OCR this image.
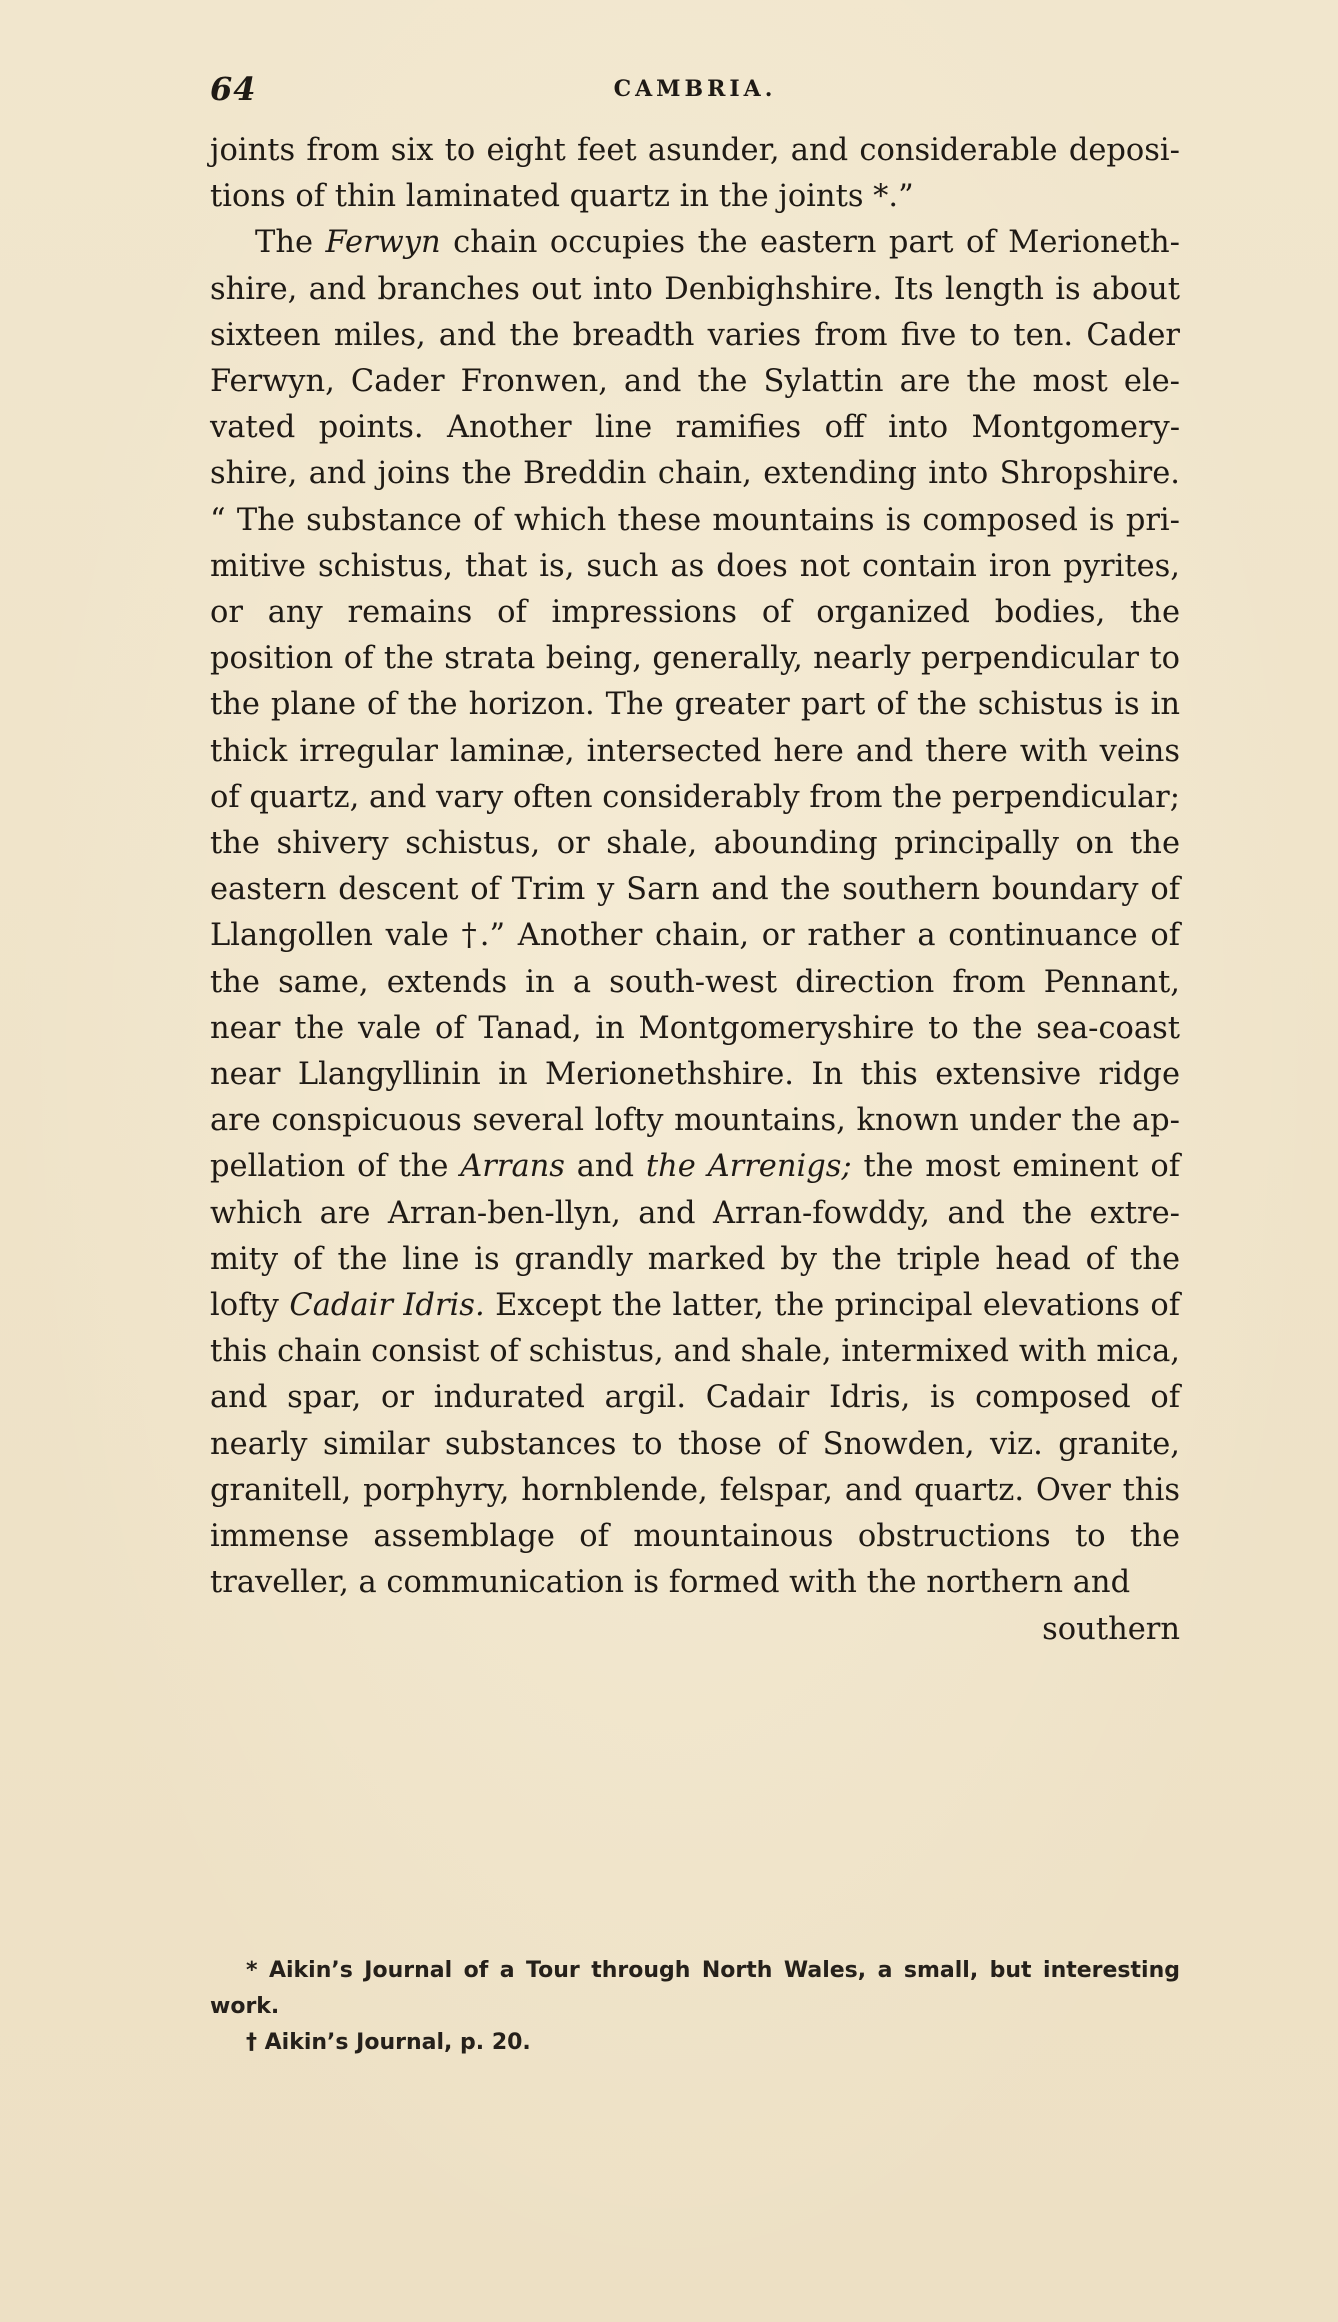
64	CAMBRIA.

joints from six to eight feet asunder, and considerable deposi- tions of thin laminated quartz in the joints *.”

The Ferwyn chain occupies the eastern part of Merioneth- shire, and branches out into Denbighshire. Its length is about sixteen miles, and the breadth varies from five to ten. Cader Ferwyn, Cader Fronwen, and the Sylattin are the most ele- vated points. Another line ramifies off into Montgomery- shire, and joins the Breddin chain, extending into Shropshire. “ The substance of which these mountains is composed is pri- mitive schistus, that is, such as does not contain iron pyrites, or any remains of impressions of organized bodies, the position of the strata being, generally, nearly perpendicular to the plane of the horizon. The greater part of the schistus is in thick irregular laminæ, intersected here and there with veins of quartz, and vary often considerably from the perpendicular; the shivery schistus, or shale, abounding principally on the eastern descent of Trim y Sarn and the southern boundary of Llangollen vale †.” Another chain, or rather a continuance of the same, extends in a south-west direction from Pennant, near the vale of Tanad, in Montgomeryshire to the sea-coast near Llangyllinin in Merionethshire. In this extensive ridge are conspicuous several lofty mountains, known under the ap- pellation of the Arrans and the Arrenigs; the most eminent of which are Arran-ben-llyn, and Arran-fowddy, and the extre- mity of the line is grandly marked by the triple head of the lofty Cadair Idris. Except the latter, the principal elevations of this chain consist of schistus, and shale, intermixed with mica, and spar, or indurated argil. Cadair Idris, is composed of nearly similar substances to those of Snowden, viz. granite, granitell, porphyry, hornblende, felspar, and quartz. Over this immense assemblage of mountainous obstructions to the traveller, a communication is formed with the northern and

southern

* Aikin’s Journal of a Tour through North Wales, a small, but interesting work.

† Aikin’s Journal, p. 20.
